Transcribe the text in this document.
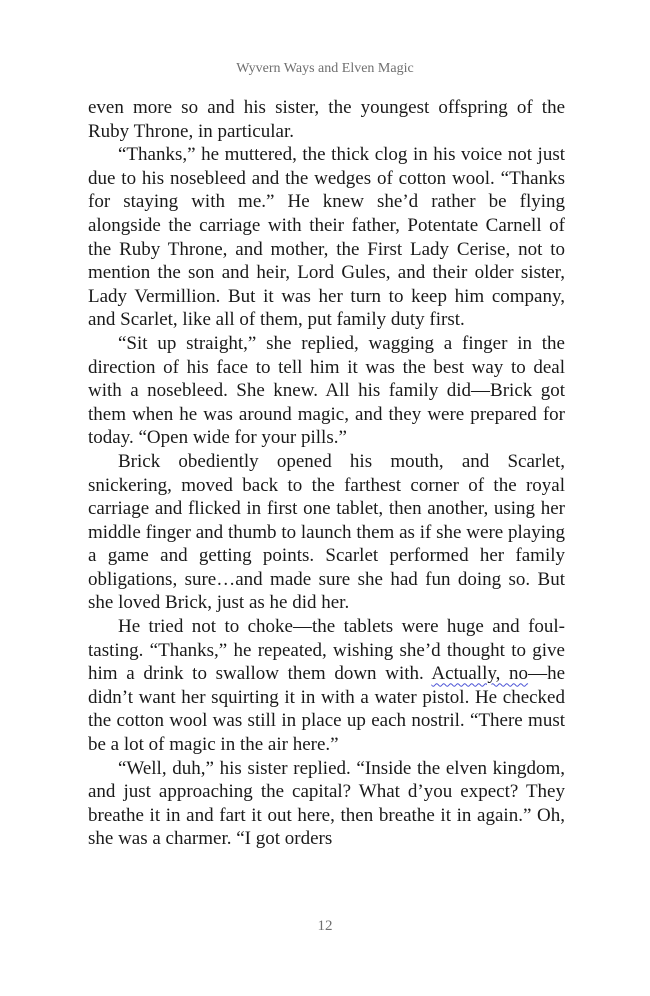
Wyvern Ways and Elven Magic

even more so and his sister, the youngest offspring of the Ruby Throne, in particular.

“Thanks,” he muttered, the thick clog in his voice not just due to his nosebleed and the wedges of cotton wool. “Thanks for staying with me.” He knew she’d rather be flying alongside the carriage with their father, Potentate Carnell of the Ruby Throne, and mother, the First Lady Cerise, not to mention the son and heir, Lord Gules, and their older sister, Lady Vermillion. But it was her turn to keep him company, and Scarlet, like all of them, put family duty first.

“Sit up straight,” she replied, wagging a finger in the direction of his face to tell him it was the best way to deal with a nosebleed. She knew. All his family did—Brick got them when he was around magic, and they were prepared for today. “Open wide for your pills.”

Brick obediently opened his mouth, and Scarlet, snickering, moved back to the farthest corner of the royal carriage and flicked in first one tablet, then another, using her middle finger and thumb to launch them as if she were playing a game and getting points. Scarlet performed her family obligations, sure…and made sure she had fun doing so. But she loved Brick, just as he did her.

He tried not to choke—the tablets were huge and foul-tasting. “Thanks,” he repeated, wishing she’d thought to give him a drink to swallow them down with. Actually, no—he didn’t want her squirting it in with a water pistol. He checked the cotton wool was still in place up each nostril. “There must be a lot of magic in the air here.”

“Well, duh,” his sister replied. “Inside the elven kingdom, and just approaching the capital? What d’you expect? They breathe it in and fart it out here, then breathe it in again.” Oh, she was a charmer. “I got orders

12
